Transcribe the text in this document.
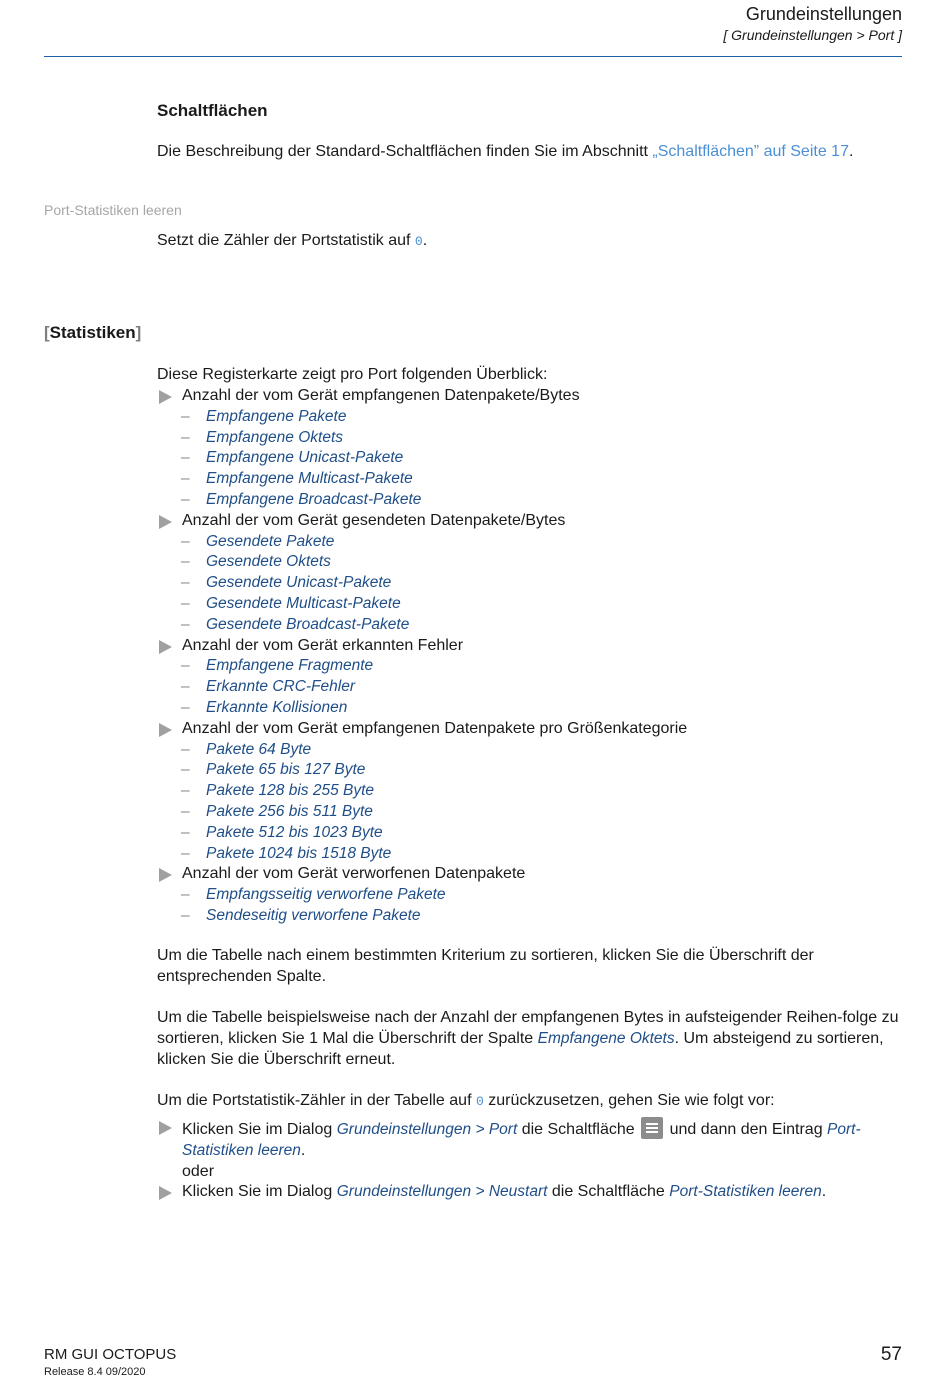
Grundeinstellungen
[ Grundeinstellungen > Port ]
Schaltflächen
Die Beschreibung der Standard-Schaltflächen finden Sie im Abschnitt „Schaltflächen” auf Seite 17.
Port-Statistiken leeren
Setzt die Zähler der Portstatistik auf 0.
[Statistiken]
Diese Registerkarte zeigt pro Port folgenden Überblick:
Anzahl der vom Gerät empfangenen Datenpakete/Bytes
– Empfangene Pakete
– Empfangene Oktets
– Empfangene Unicast-Pakete
– Empfangene Multicast-Pakete
– Empfangene Broadcast-Pakete
Anzahl der vom Gerät gesendeten Datenpakete/Bytes
– Gesendete Pakete
– Gesendete Oktets
– Gesendete Unicast-Pakete
– Gesendete Multicast-Pakete
– Gesendete Broadcast-Pakete
Anzahl der vom Gerät erkannten Fehler
– Empfangene Fragmente
– Erkannte CRC-Fehler
– Erkannte Kollisionen
Anzahl der vom Gerät empfangenen Datenpakete pro Größenkategorie
– Pakete 64 Byte
– Pakete 65 bis 127 Byte
– Pakete 128 bis 255 Byte
– Pakete 256 bis 511 Byte
– Pakete 512 bis 1023 Byte
– Pakete 1024 bis 1518 Byte
Anzahl der vom Gerät verworfenen Datenpakete
– Empfangsseitig verworfene Pakete
– Sendeseitig verworfene Pakete
Um die Tabelle nach einem bestimmten Kriterium zu sortieren, klicken Sie die Überschrift der entsprechenden Spalte.
Um die Tabelle beispielsweise nach der Anzahl der empfangenen Bytes in aufsteigender Reihen-folge zu sortieren, klicken Sie 1 Mal die Überschrift der Spalte Empfangene Oktets. Um absteigend zu sortieren, klicken Sie die Überschrift erneut.
Um die Portstatistik-Zähler in der Tabelle auf 0 zurückzusetzen, gehen Sie wie folgt vor:
Klicken Sie im Dialog Grundeinstellungen > Port die Schaltfläche
und dann den Eintrag Port-Statistiken leeren.
oder
Klicken Sie im Dialog Grundeinstellungen > Neustart die Schaltfläche Port-Statistiken leeren.
RM GUI OCTOPUS
Release 8.4 09/2020
57
